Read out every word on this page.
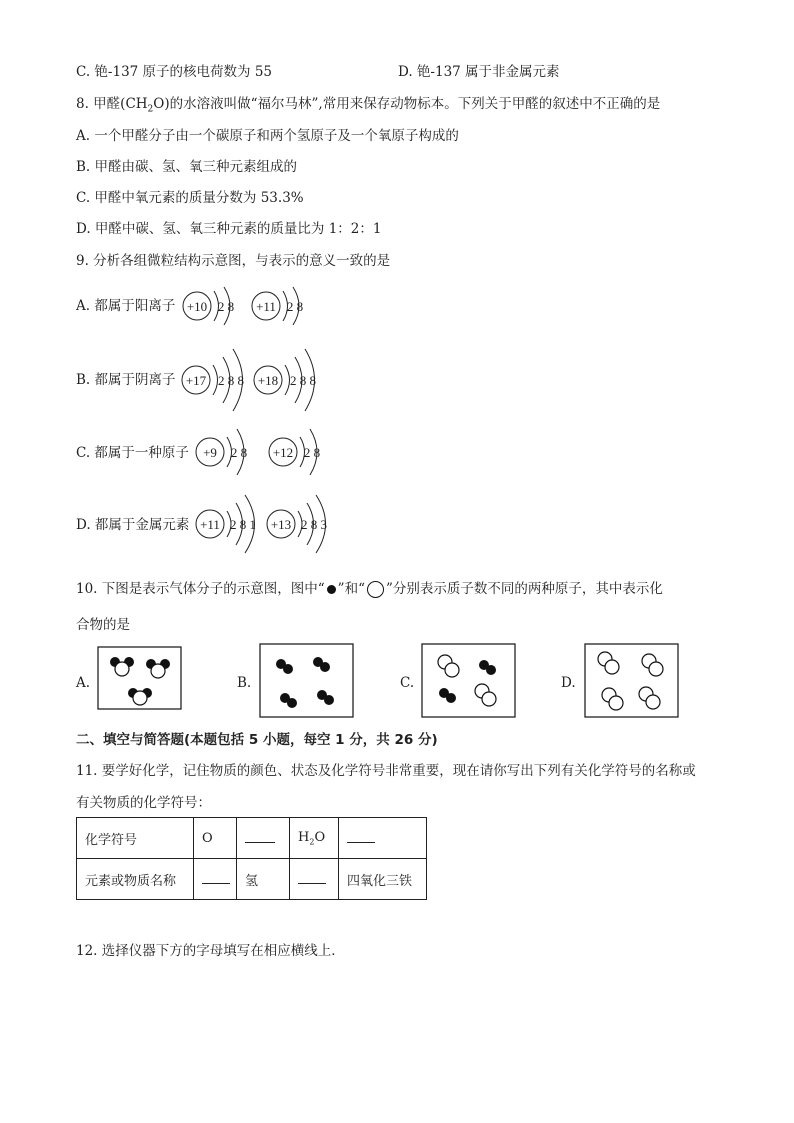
C. 铯-137 原子的核电荷数为 55	D. 铯-137 属于非金属元素
8. 甲醛$(CH_2O)$的水溶液叫做“福尔马林”,常用来保存动物标本。下列关于甲醛的叙述中不正确的是
A. 一个甲醛分子由一个碳原子和两个氢原子及一个氧原子构成的
B. 甲醛由碳、氢、氧三种元素组成的
C. 甲醛中氧元素的质量分数为 53.3%
D. 甲醛中碳、氢、氧三种元素的质量比为 1：2：1
9. 分析各组微粒结构示意图，与表示的意义一致的是
A. 都属于阳离子
B. 都属于阴离子
C. 都属于一种原子
D. 都属于金属元素
+10 2 8 +11 2 8
+17 2 8 8 +18 2 8 8
+9 2 8 +12 2 8
+11 2 8 1 +13 2 8 3
10. 下图是表示气体分子的示意图，图中“ ”和“ ”分别表示质子数不同的两种原子，其中表示化
合物的是
A.	B.	C.	D.
二、填空与简答题(本题包括 5 小题，每空 1 分，共 26 分)
11. 要学好化学，记住物质的颜色、状态及化学符号非常重要，现在请你写出下列有关化学符号的名称或
有关物质的化学符号：
化学符号	O		$H_2O$	
元素或物质名称		氢		四氧化三铁
12. 选择仪器下方的字母填写在相应横线上．
